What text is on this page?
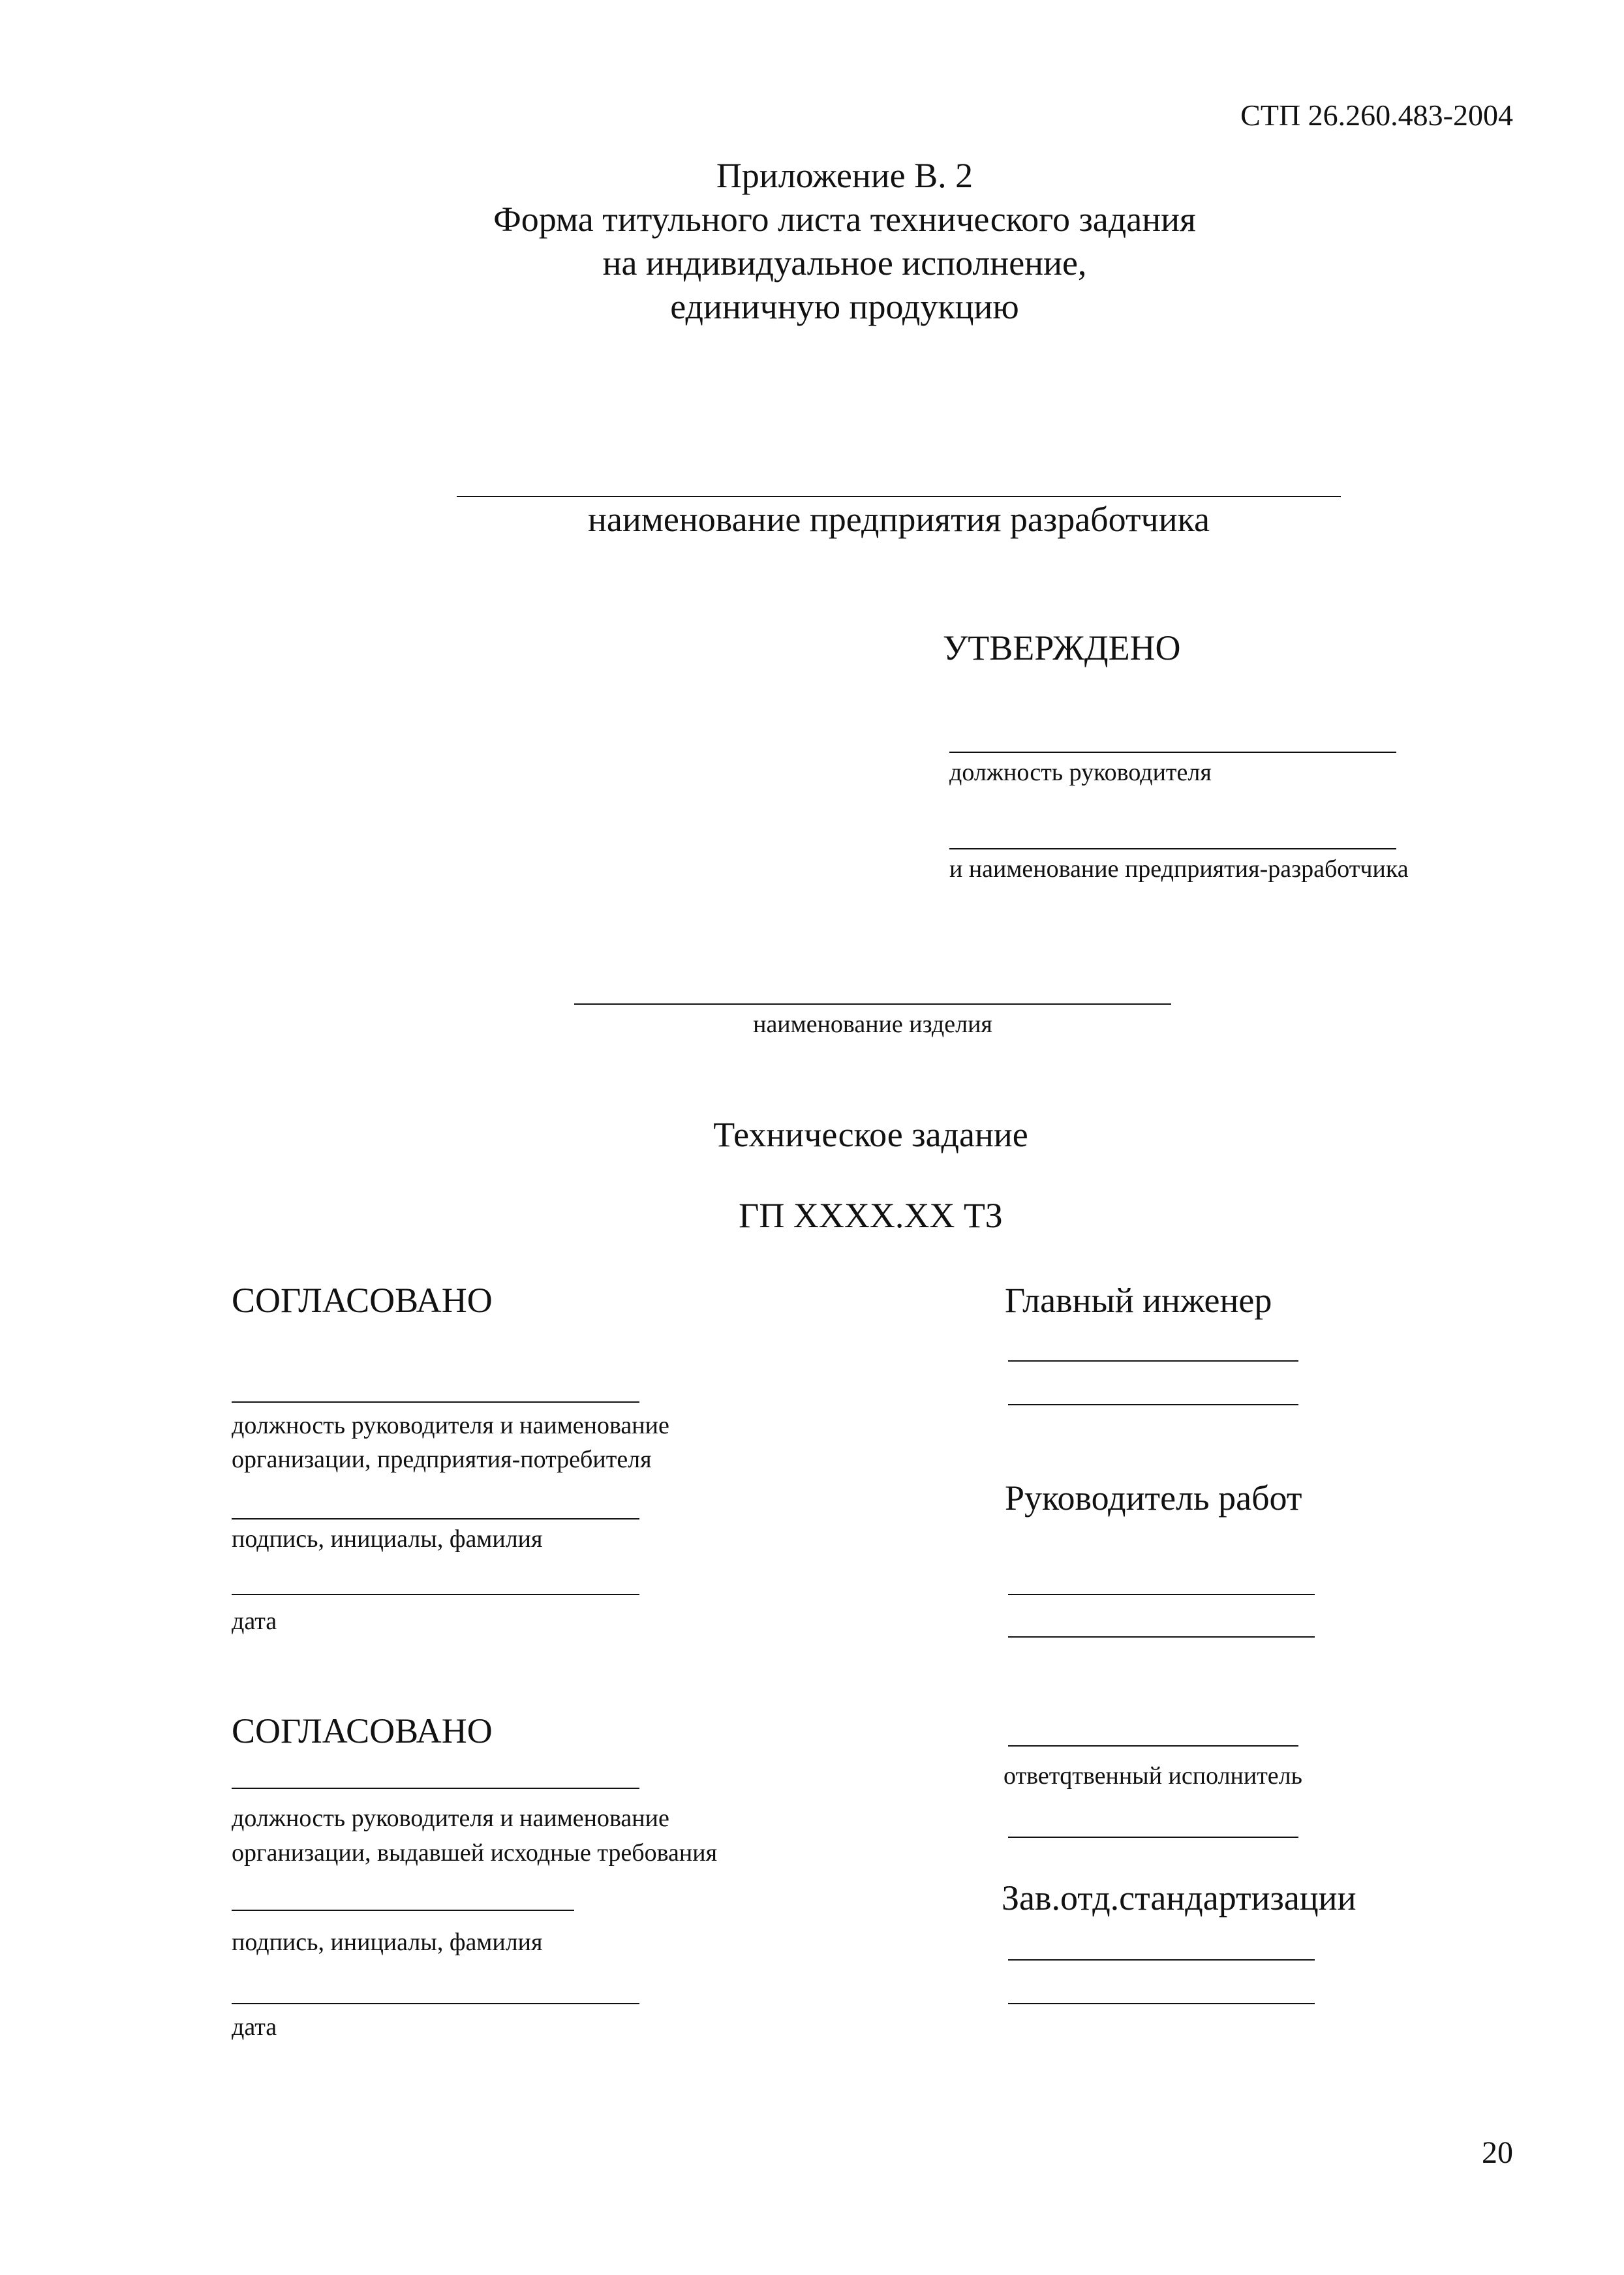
СТП 26.260.483-2004
Приложение В. 2
Форма титульного листа технического задания
на индивидуальное исполнение,
единичную продукцию
наименование предприятия разработчика
УТВЕРЖДЕНО
должность руководителя
и наименование предприятия-разработчика
наименование изделия
Техническое задание
ГП ХХХХ.ХХ ТЗ
СОГЛАСОВАНО
должность руководителя и наименование
организации, предприятия-потребителя
подпись, инициалы, фамилия
дата
СОГЛАСОВАНО
должность руководителя и наименование
организации, выдавшей исходные требования
подпись, инициалы, фамилия
дата
Главный инженер
Руководитель работ
ответqтвенный исполнитель
Зав.отд.стандартизации
20
